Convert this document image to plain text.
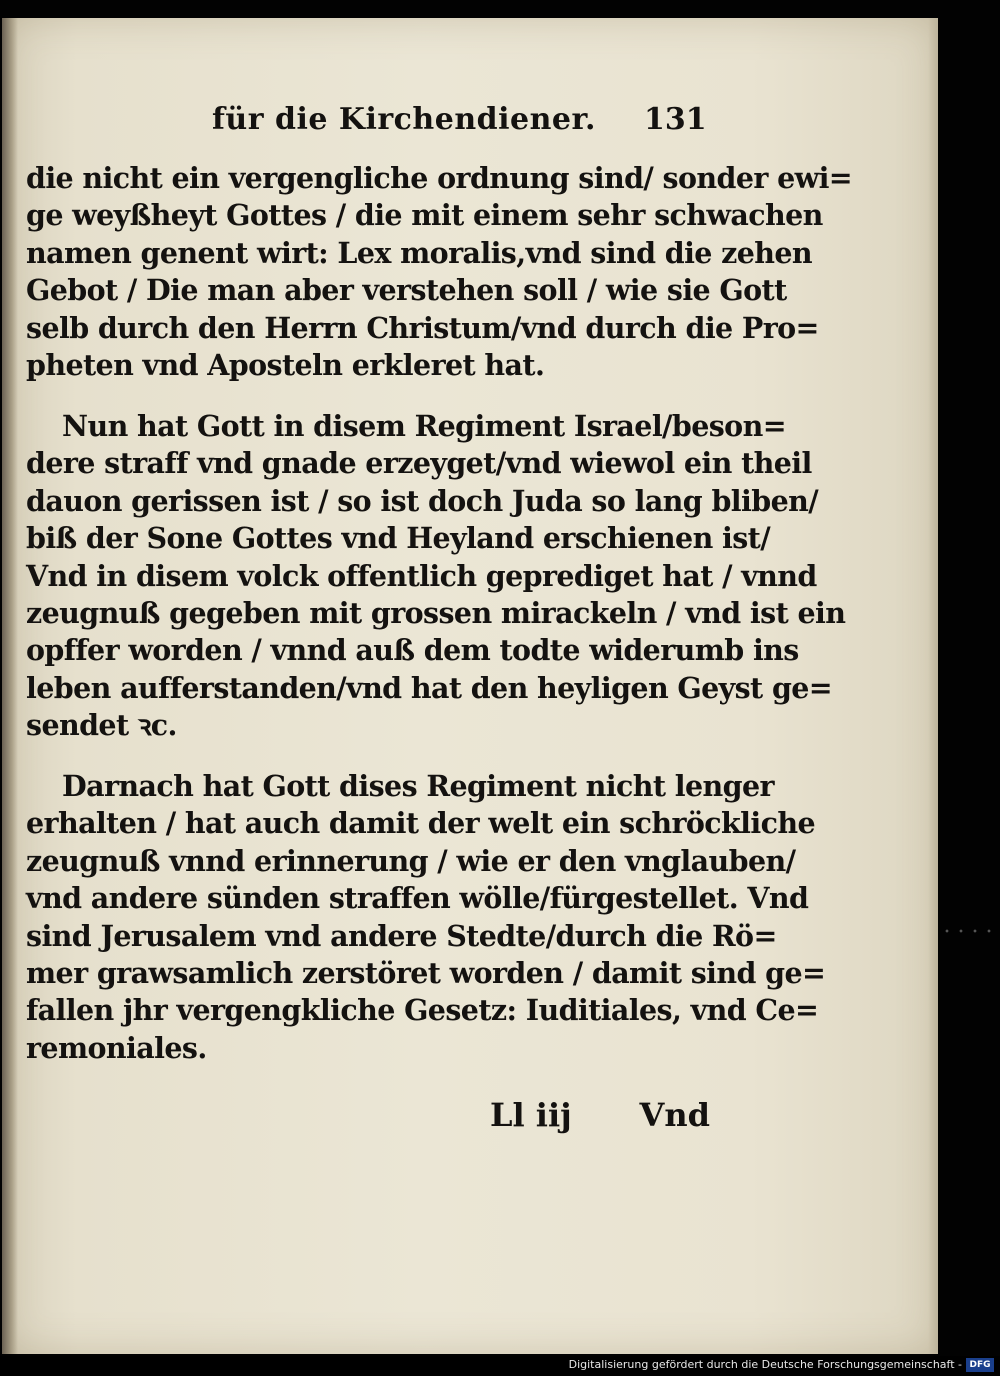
für die Kirchendiener. 131
die nicht ein vergengliche ordnung sind/ sonder ewi=
ge weyßheyt Gottes / die mit einem sehr schwachen
namen genent wirt: Lex moralis,vnd sind die zehen
Gebot / Die man aber verstehen soll / wie sie Gott
selb durch den Herrn Christum/vnd durch die Pro=
pheten vnd Aposteln erkleret hat.
Nun hat Gott in disem Regiment Israel/beson=
dere straff vnd gnade erzeyget/vnd wiewol ein theil
dauon gerissen ist / so ist doch Juda so lang bliben/
biß der Sone Gottes vnd Heyland erschienen ist/
Vnd in disem volck offentlich geprediget hat / vnnd
zeugnuß gegeben mit grossen mirackeln / vnd ist ein
opffer worden / vnnd auß dem todte widerumb ins
leben aufferstanden/vnd hat den heyligen Geyst ge=
sendet ꝛc.
Darnach hat Gott dises Regiment nicht lenger
erhalten / hat auch damit der welt ein schröckliche
zeugnuß vnnd erinnerung / wie er den vnglauben/
vnd andere sünden straffen wölle/fürgestellet. Vnd
sind Jerusalem vnd andere Stedte/durch die Rö=
mer grawsamlich zerstöret worden / damit sind ge=
fallen jhr vergengkliche Gesetz: Iuditiales, vnd Ce=
remoniales.
Ll iij Vnd
Digitalisierung gefördert durch die Deutsche Forschungsgemeinschaft - DFG
